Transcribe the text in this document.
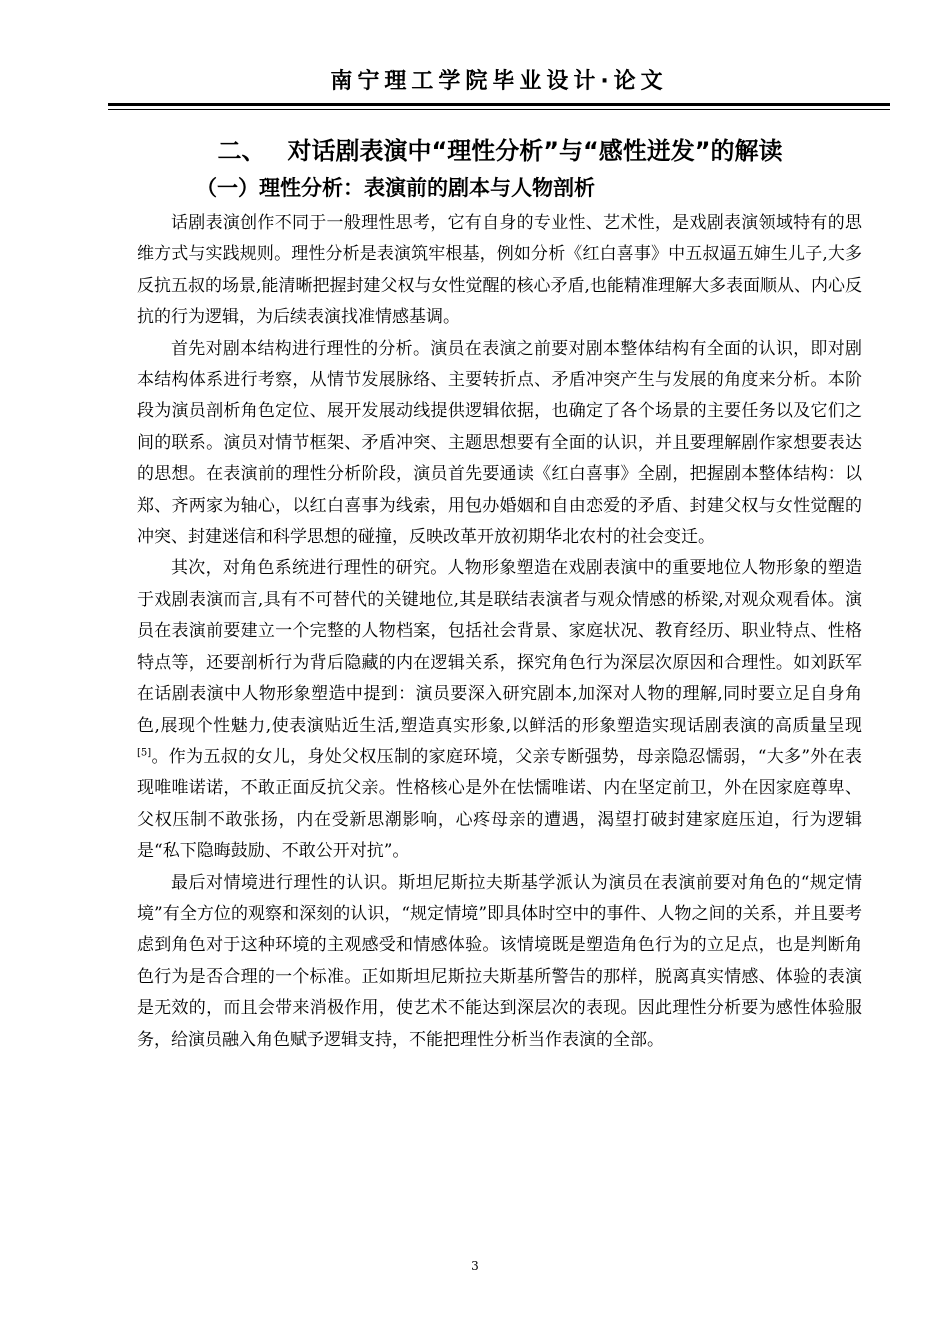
南宁理工学院毕业设计·论文
二、 对话剧表演中“理性分析”与“感性迸发”的解读
（一）理性分析：表演前的剧本与人物剖析

话剧表演创作不同于一般理性思考，它有自身的专业性、艺术性，是戏剧表演领域特有的思维方式与实践规则。理性分析是表演筑牢根基，例如分析《红白喜事》中五叔逼五婶生儿子,大多反抗五叔的场景,能清晰把握封建父权与女性觉醒的核心矛盾,也能精准理解大多表面顺从、内心反抗的行为逻辑，为后续表演找准情感基调。

首先对剧本结构进行理性的分析。演员在表演之前要对剧本整体结构有全面的认识，即对剧本结构体系进行考察，从情节发展脉络、主要转折点、矛盾冲突产生与发展的角度来分析。本阶段为演员剖析角色定位、展开发展动线提供逻辑依据，也确定了各个场景的主要任务以及它们之间的联系。演员对情节框架、矛盾冲突、主题思想要有全面的认识，并且要理解剧作家想要表达的思想。在表演前的理性分析阶段，演员首先要通读《红白喜事》全剧，把握剧本整体结构：以郑、齐两家为轴心，以红白喜事为线索，用包办婚姻和自由恋爱的矛盾、封建父权与女性觉醒的冲突、封建迷信和科学思想的碰撞，反映改革开放初期华北农村的社会变迁。

其次，对角色系统进行理性的研究。人物形象塑造在戏剧表演中的重要地位人物形象的塑造于戏剧表演而言,具有不可替代的关键地位,其是联结表演者与观众情感的桥梁,对观众观看体。演员在表演前要建立一个完整的人物档案，包括社会背景、家庭状况、教育经历、职业特点、性格特点等，还要剖析行为背后隐藏的内在逻辑关系，探究角色行为深层次原因和合理性。如刘跃军在话剧表演中人物形象塑造中提到：演员要深入研究剧本,加深对人物的理解,同时要立足自身角色,展现个性魅力,使表演贴近生活,塑造真实形象,以鲜活的形象塑造实现话剧表演的高质量呈现[5]。作为五叔的女儿，身处父权压制的家庭环境，父亲专断强势，母亲隐忍懦弱，“大多”外在表现唯唯诺诺，不敢正面反抗父亲。性格核心是外在怯懦唯诺、内在坚定前卫，外在因家庭尊卑、父权压制不敢张扬，内在受新思潮影响，心疼母亲的遭遇，渴望打破封建家庭压迫，行为逻辑是“私下隐晦鼓励、不敢公开对抗”。

最后对情境进行理性的认识。斯坦尼斯拉夫斯基学派认为演员在表演前要对角色的“规定情境”有全方位的观察和深刻的认识，“规定情境”即具体时空中的事件、人物之间的关系，并且要考虑到角色对于这种环境的主观感受和情感体验。该情境既是塑造角色行为的立足点，也是判断角色行为是否合理的一个标准。正如斯坦尼斯拉夫斯基所警告的那样，脱离真实情感、体验的表演是无效的，而且会带来消极作用，使艺术不能达到深层次的表现。因此理性分析要为感性体验服务，给演员融入角色赋予逻辑支持，不能把理性分析当作表演的全部。

3
